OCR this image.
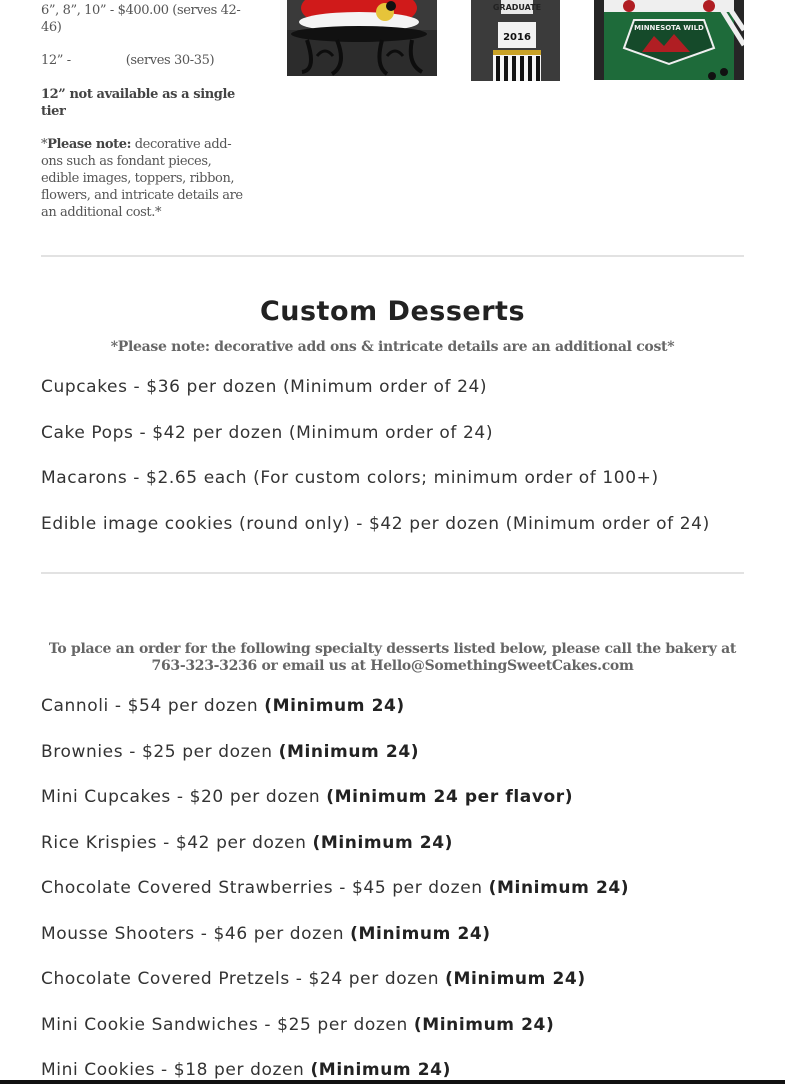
6”, 8”, 10” - $400.00 (serves 42-46)

12” -	(serves 30-35)

12” not available as a single tier

*Please note: decorative add-ons such as fondant pieces, edible images, toppers, ribbon, flowers, and intricate details are an additional cost.*

GRADUATE
2016
MINNESOTA WILD
Custom Desserts
*Please note: decorative add ons & intricate details are an additional cost*
Cupcakes - $36 per dozen (Minimum order of 24)
Cake Pops - $42 per dozen (Minimum order of 24)
Macarons - $2.65 each (For custom colors; minimum order of 100+)
Edible image cookies (round only) - $42 per dozen (Minimum order of 24)
To place an order for the following specialty desserts listed below, please call the bakery at 763-323-3236 or email us at Hello@SomethingSweetCakes.com
Cannoli - $54 per dozen (Minimum 24)
Brownies - $25 per dozen (Minimum 24)
Mini Cupcakes - $20 per dozen (Minimum 24 per flavor)
Rice Krispies - $42 per dozen (Minimum 24)
Chocolate Covered Strawberries - $45 per dozen (Minimum 24)
Mousse Shooters - $46 per dozen (Minimum 24)
Chocolate Covered Pretzels - $24 per dozen (Minimum 24)
Mini Cookie Sandwiches - $25 per dozen (Minimum 24)
Mini Cookies - $18 per dozen (Minimum 24)
